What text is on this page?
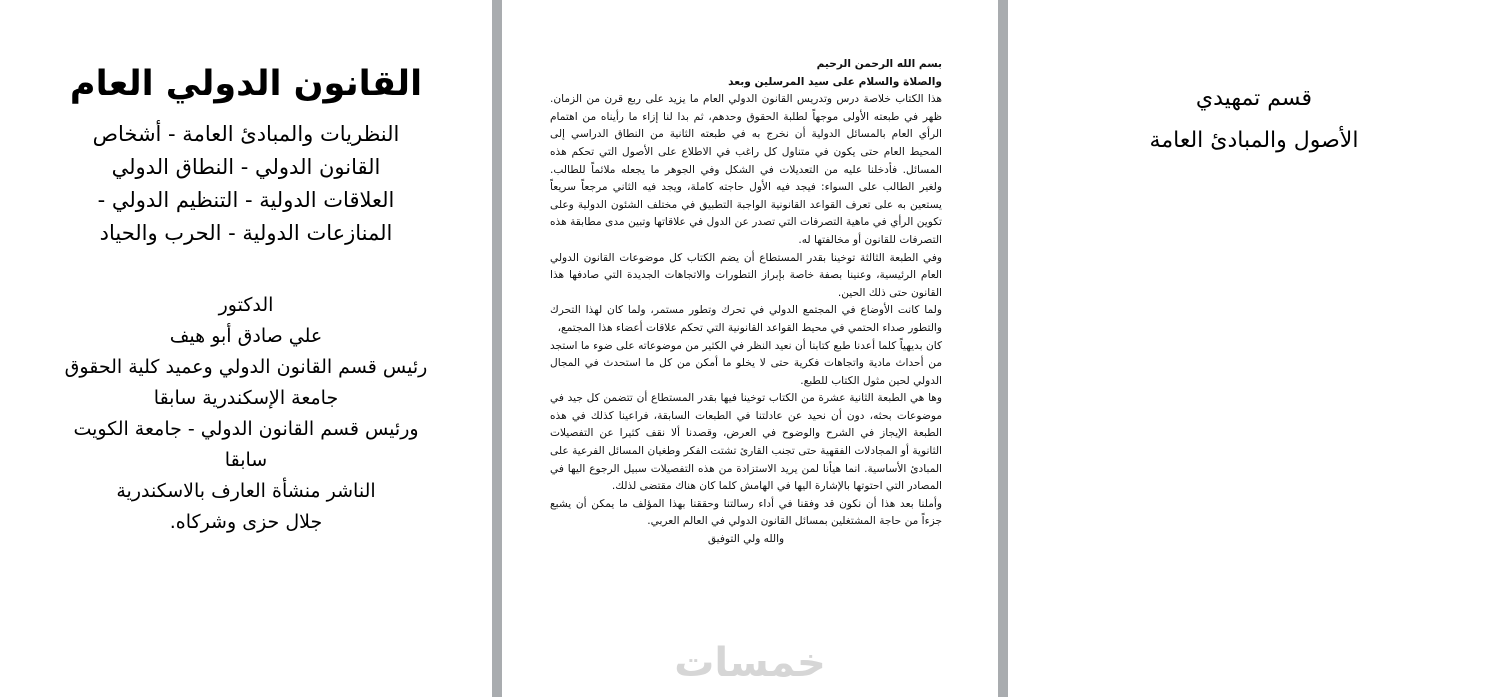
القانون الدولي العام
النظريات والمبادئ العامة - أشخاص
القانون الدولي - النطاق الدولي
العلاقات الدولية - التنظيم الدولي -
المنازعات الدولية - الحرب والحياد
الدكتور
علي صادق أبو هيف
رئيس قسم القانون الدولي وعميد كلية الحقوق
جامعة الإسكندرية سابقا
ورئيس قسم القانون الدولي - جامعة الكويت
سابقا
الناشر منشأة العارف بالاسكندرية
جلال حزى وشركاه.

بسم الله الرحمن الرحيم

والصلاة والسلام على سيد المرسلين وبعد

هذا الكتاب خلاصة درس وتدريس القانون الدولي العام ما يزيد على ربع قرن من الزمان. ظهر في طبعته الأولى موجهاً لطلبة الحقوق وحدهم، ثم بدا لنا إزاء ما رأيناه من اهتمام الرأي العام بالمسائل الدولية أن نخرج به في طبعته الثانية من النطاق الدراسي إلى المحيط العام حتى يكون في متناول كل راغب في الاطلاع على الأصول التي تحكم هذه المسائل. فأدخلنا عليه من التعديلات في الشكل وفي الجوهر ما يجعله ملائماً للطالب. ولغير الطالب على السواء: فيجد فيه الأول حاجته كاملة، ويجد فيه الثاني مرجعاً سريعاً يستعين به على تعرف القواعد القانونية الواجبة التطبيق في مختلف الشئون الدولية وعلى تكوين الرأي في ماهية التصرفات التي تصدر عن الدول في علاقاتها وتبين مدى مطابقة هذه التصرفات للقانون أو مخالفتها له.

وفي الطبعة الثالثة توخينا بقدر المستطاع أن يضم الكتاب كل موضوعات القانون الدولي العام الرئيسية، وعنينا بصفة خاصة بإبراز التطورات والاتجاهات الجديدة التي صادفها هذا القانون حتى ذلك الحين.

ولما كانت الأوضاع في المجتمع الدولي في تحرك وتطور مستمر، ولما كان لهذا التحرك والتطور صداء الحتمي في محيط القواعد القانونية التي تحكم علاقات أعضاء هذا المجتمع،

كان بديهياً كلما أعدنا طبع كتابنا أن نعيد النظر في الكثير من موضوعاته على ضوء ما استجد من أحداث مادية واتجاهات فكرية حتى لا يخلو ما أمكن من كل ما استحدث في المجال الدولي لحين مثول الكتاب للطبع.

وها هي الطبعة الثانية عشرة من الكتاب توخينا فيها بقدر المستطاع أن تتضمن كل جيد في موضوعات بحثه، دون أن نحيد عن عادلتنا في الطبعات السابقة، فراعينا كذلك في هذه الطبعة الإيجاز في الشرح والوضوح في العرض، وقصدنا ألا نقف كثيرا عن التفصيلات الثانوية أو المجادلات الفقهية حتى تجنب القارئ تشتت الفكر وطغيان المسائل الفرعية على المبادئ الأساسية. انما هيأنا لمن يريد الاستزادة من هذه التفصيلات سبيل الرجوع اليها في المصادر التي احتوتها بالإشارة اليها في الهامش كلما كان هناك مقتضى لذلك.

وأملنا بعد هذا أن نكون قد وفقنا في أداء رسالتنا وحققنا بهذا المؤلف ما يمكن أن يشبع جزءاً من حاجة المشتغلين بمسائل القانون الدولي في العالم العربي.

والله ولي التوفيق

خمسات
قسم تمهيدي
الأصول والمبادئ العامة
